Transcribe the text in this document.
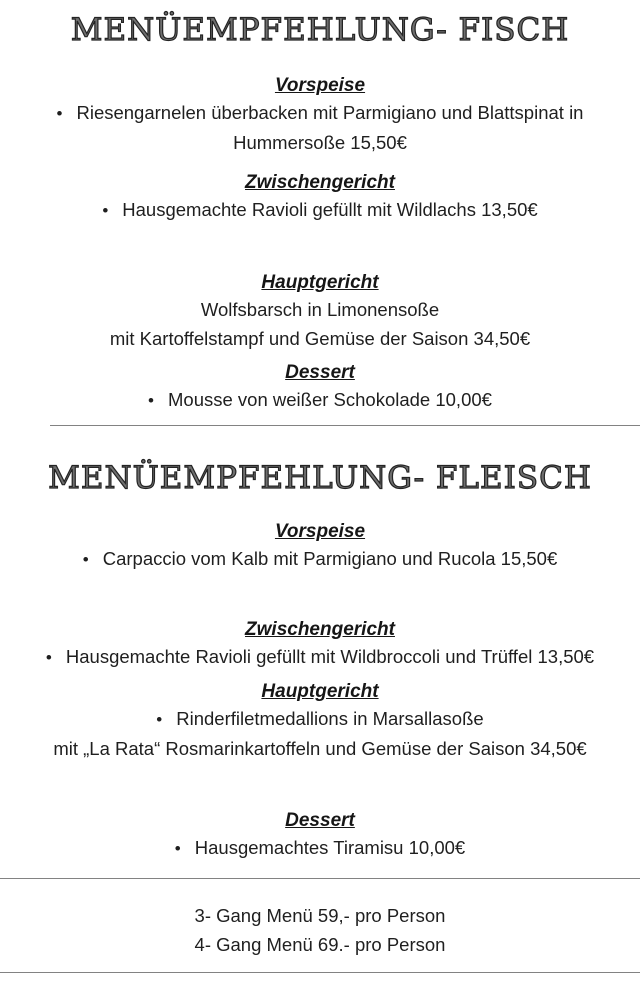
MENÜEMPFEHLUNG- FISCH
Vorspeise
• Riesengarnelen überbacken mit Parmigiano und Blattspinat in
Hummersoße 15,50€
Zwischengericht
• Hausgemachte Ravioli gefüllt mit Wildlachs 13,50€
Hauptgericht
Wolfsbarsch in Limonensoße
mit Kartoffelstampf und Gemüse der Saison 34,50€
Dessert
• Mousse von weißer Schokolade 10,00€
MENÜEMPFEHLUNG- FLEISCH
Vorspeise
• Carpaccio vom Kalb mit Parmigiano und Rucola 15,50€
Zwischengericht
• Hausgemachte Ravioli gefüllt mit Wildbroccoli und Trüffel 13,50€
Hauptgericht
• Rinderfiletmedallions in Marsallasoße
mit „La Rata“ Rosmarinkartoffeln und Gemüse der Saison 34,50€
Dessert
• Hausgemachtes Tiramisu 10,00€
3- Gang Menü 59,- pro Person
4- Gang Menü 69.- pro Person
